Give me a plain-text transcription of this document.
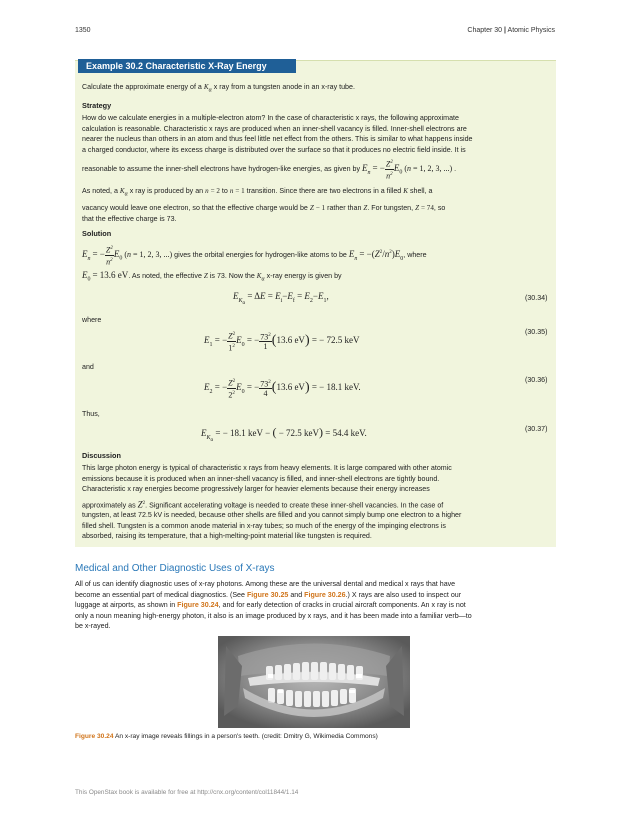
1350	Chapter 30 | Atomic Physics
Example 30.2 Characteristic X-Ray Energy
Calculate the approximate energy of a $K_\alpha$ x ray from a tungsten anode in an x-ray tube.
Strategy
How do we calculate energies in a multiple-electron atom? In the case of characteristic x rays, the following approximate
calculation is reasonable. Characteristic x rays are produced when an inner-shell vacancy is filled. Inner-shell electrons are
nearer the nucleus than others in an atom and thus feel little net effect from the others. This is similar to what happens inside
a charged conductor, where its excess charge is distributed over the surface so that it produces no electric field inside. It is
reasonable to assume the inner-shell electrons have hydrogen-like energies, as given by $E_n$ = − $\frac{Z^2}{n^2} E_0$ (n = 1, 2, 3, ...) .
As noted, a $K_\alpha$ x ray is produced by an n = 2 to n = 1 transition. Since there are two electrons in a filled K shell, a
vacancy would leave one electron, so that the effective charge would be Z − 1 rather than Z. For tungsten, Z = 74, so
that the effective charge is 73.
Solution
$E_n$ = − $\frac{Z^2}{n^2} E_0$ (n = 1, 2, 3, ...) gives the orbital energies for hydrogen-like atoms to be $E_n = -(Z^2/n^2)E_0$, where
$E_0 = 13.6$ eV. As noted, the effective Z is 73. Now the $K_\alpha$ x-ray energy is given by
$E_{K_\alpha} = \Delta E = E_i-E_f = E_2-E_1$,	(30.34)
where
$E_1$ = − $\frac{Z^2}{1^2} E_0$ = − $\frac{73^2}{1} (13.6$ eV) = − 72.5 keV
(30.35)
and
$E_2$ = − $\frac{Z^2}{2^2} E_0$ = − $\frac{73^2}{4} (13.6$ eV) = − 18.1 keV.
(30.36)
Thus,
$E_{K_\alpha}$ = − 18.1 keV − ( − 72.5 keV) = 54.4 keV.	(30.37)
Discussion
This large photon energy is typical of characteristic x rays from heavy elements. It is large compared with other atomic
emissions because it is produced when an inner-shell vacancy is filled, and inner-shell electrons are tightly bound.
Characteristic x ray energies become progressively larger for heavier elements because their energy increases
approximately as $Z^2$. Significant accelerating voltage is needed to create these inner-shell vacancies. In the case of
tungsten, at least 72.5 kV is needed, because other shells are filled and you cannot simply bump one electron to a higher
filled shell. Tungsten is a common anode material in x-ray tubes; so much of the energy of the impinging electrons is
absorbed, raising its temperature, that a high-melting-point material like tungsten is required.
Medical and Other Diagnostic Uses of X-rays
All of us can identify diagnostic uses of x-ray photons. Among these are the universal dental and medical x rays that have
become an essential part of medical diagnostics. (See Figure 30.25 and Figure 30.26.) X rays are also used to inspect our
luggage at airports, as shown in Figure 30.24, and for early detection of cracks in crucial aircraft components. An x ray is not
only a noun meaning high-energy photon, it also is an image produced by x rays, and it has been made into a familiar verb—to
be x-rayed.
Figure 30.24 An x-ray image reveals fillings in a person's teeth. (credit: Dmitry G, Wikimedia Commons)
This OpenStax book is available for free at http://cnx.org/content/col11844/1.14
